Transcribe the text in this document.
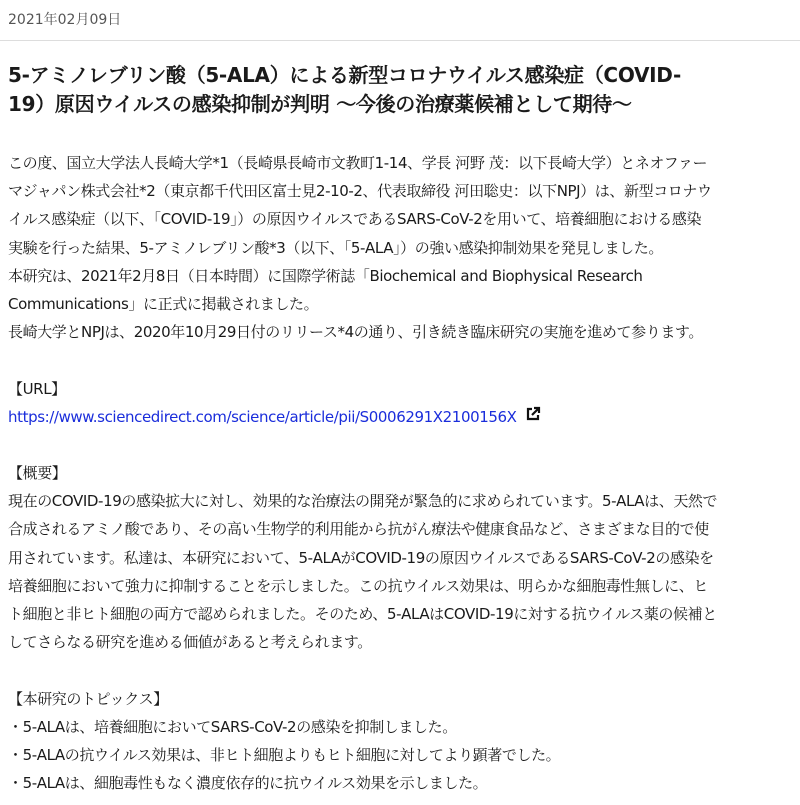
2021年02月09日
5-アミノレブリン酸（5-ALA）による新型コロナウイルス感染症（COVID-
19）原因ウイルスの感染抑制が判明 ～今後の治療薬候補として期待～
この度、国立大学法人長崎大学*1（長崎県長崎市文教町1-14、学長 河野 茂：以下長崎大学）とネオファー
マジャパン株式会社*2（東京都千代田区富士見2-10-2、代表取締役 河田聡史：以下NPJ）は、新型コロナウ
イルス感染症（以下、「COVID-19」）の原因ウイルスであるSARS-CoV-2を用いて、培養細胞における感染
実験を行った結果、5-アミノレブリン酸*3（以下、「5-ALA」）の強い感染抑制効果を発見しました。
本研究は、2021年2月8日（日本時間）に国際学術誌「Biochemical and Biophysical Research
Communications」に正式に掲載されました。
長崎大学とNPJは、2020年10月29日付のリリース*4の通り、引き続き臨床研究の実施を進めて参ります。
【URL】
https://www.sciencedirect.com/science/article/pii/S0006291X2100156X
【概要】
現在のCOVID-19の感染拡大に対し、効果的な治療法の開発が緊急的に求められています。5-ALAは、天然で
合成されるアミノ酸であり、その高い生物学的利用能から抗がん療法や健康食品など、さまざまな目的で使
用されています。私達は、本研究において、5-ALAがCOVID-19の原因ウイルスであるSARS-CoV-2の感染を
培養細胞において強力に抑制することを示しました。この抗ウイルス効果は、明らかな細胞毒性無しに、ヒ
ト細胞と非ヒト細胞の両方で認められました。そのため、5-ALAはCOVID-19に対する抗ウイルス薬の候補と
してさらなる研究を進める価値があると考えられます。
【本研究のトピックス】
・5-ALAは、培養細胞においてSARS-CoV-2の感染を抑制しました。
・5-ALAの抗ウイルス効果は、非ヒト細胞よりもヒト細胞に対してより顕著でした。
・5-ALAは、細胞毒性もなく濃度依存的に抗ウイルス効果を示しました。
